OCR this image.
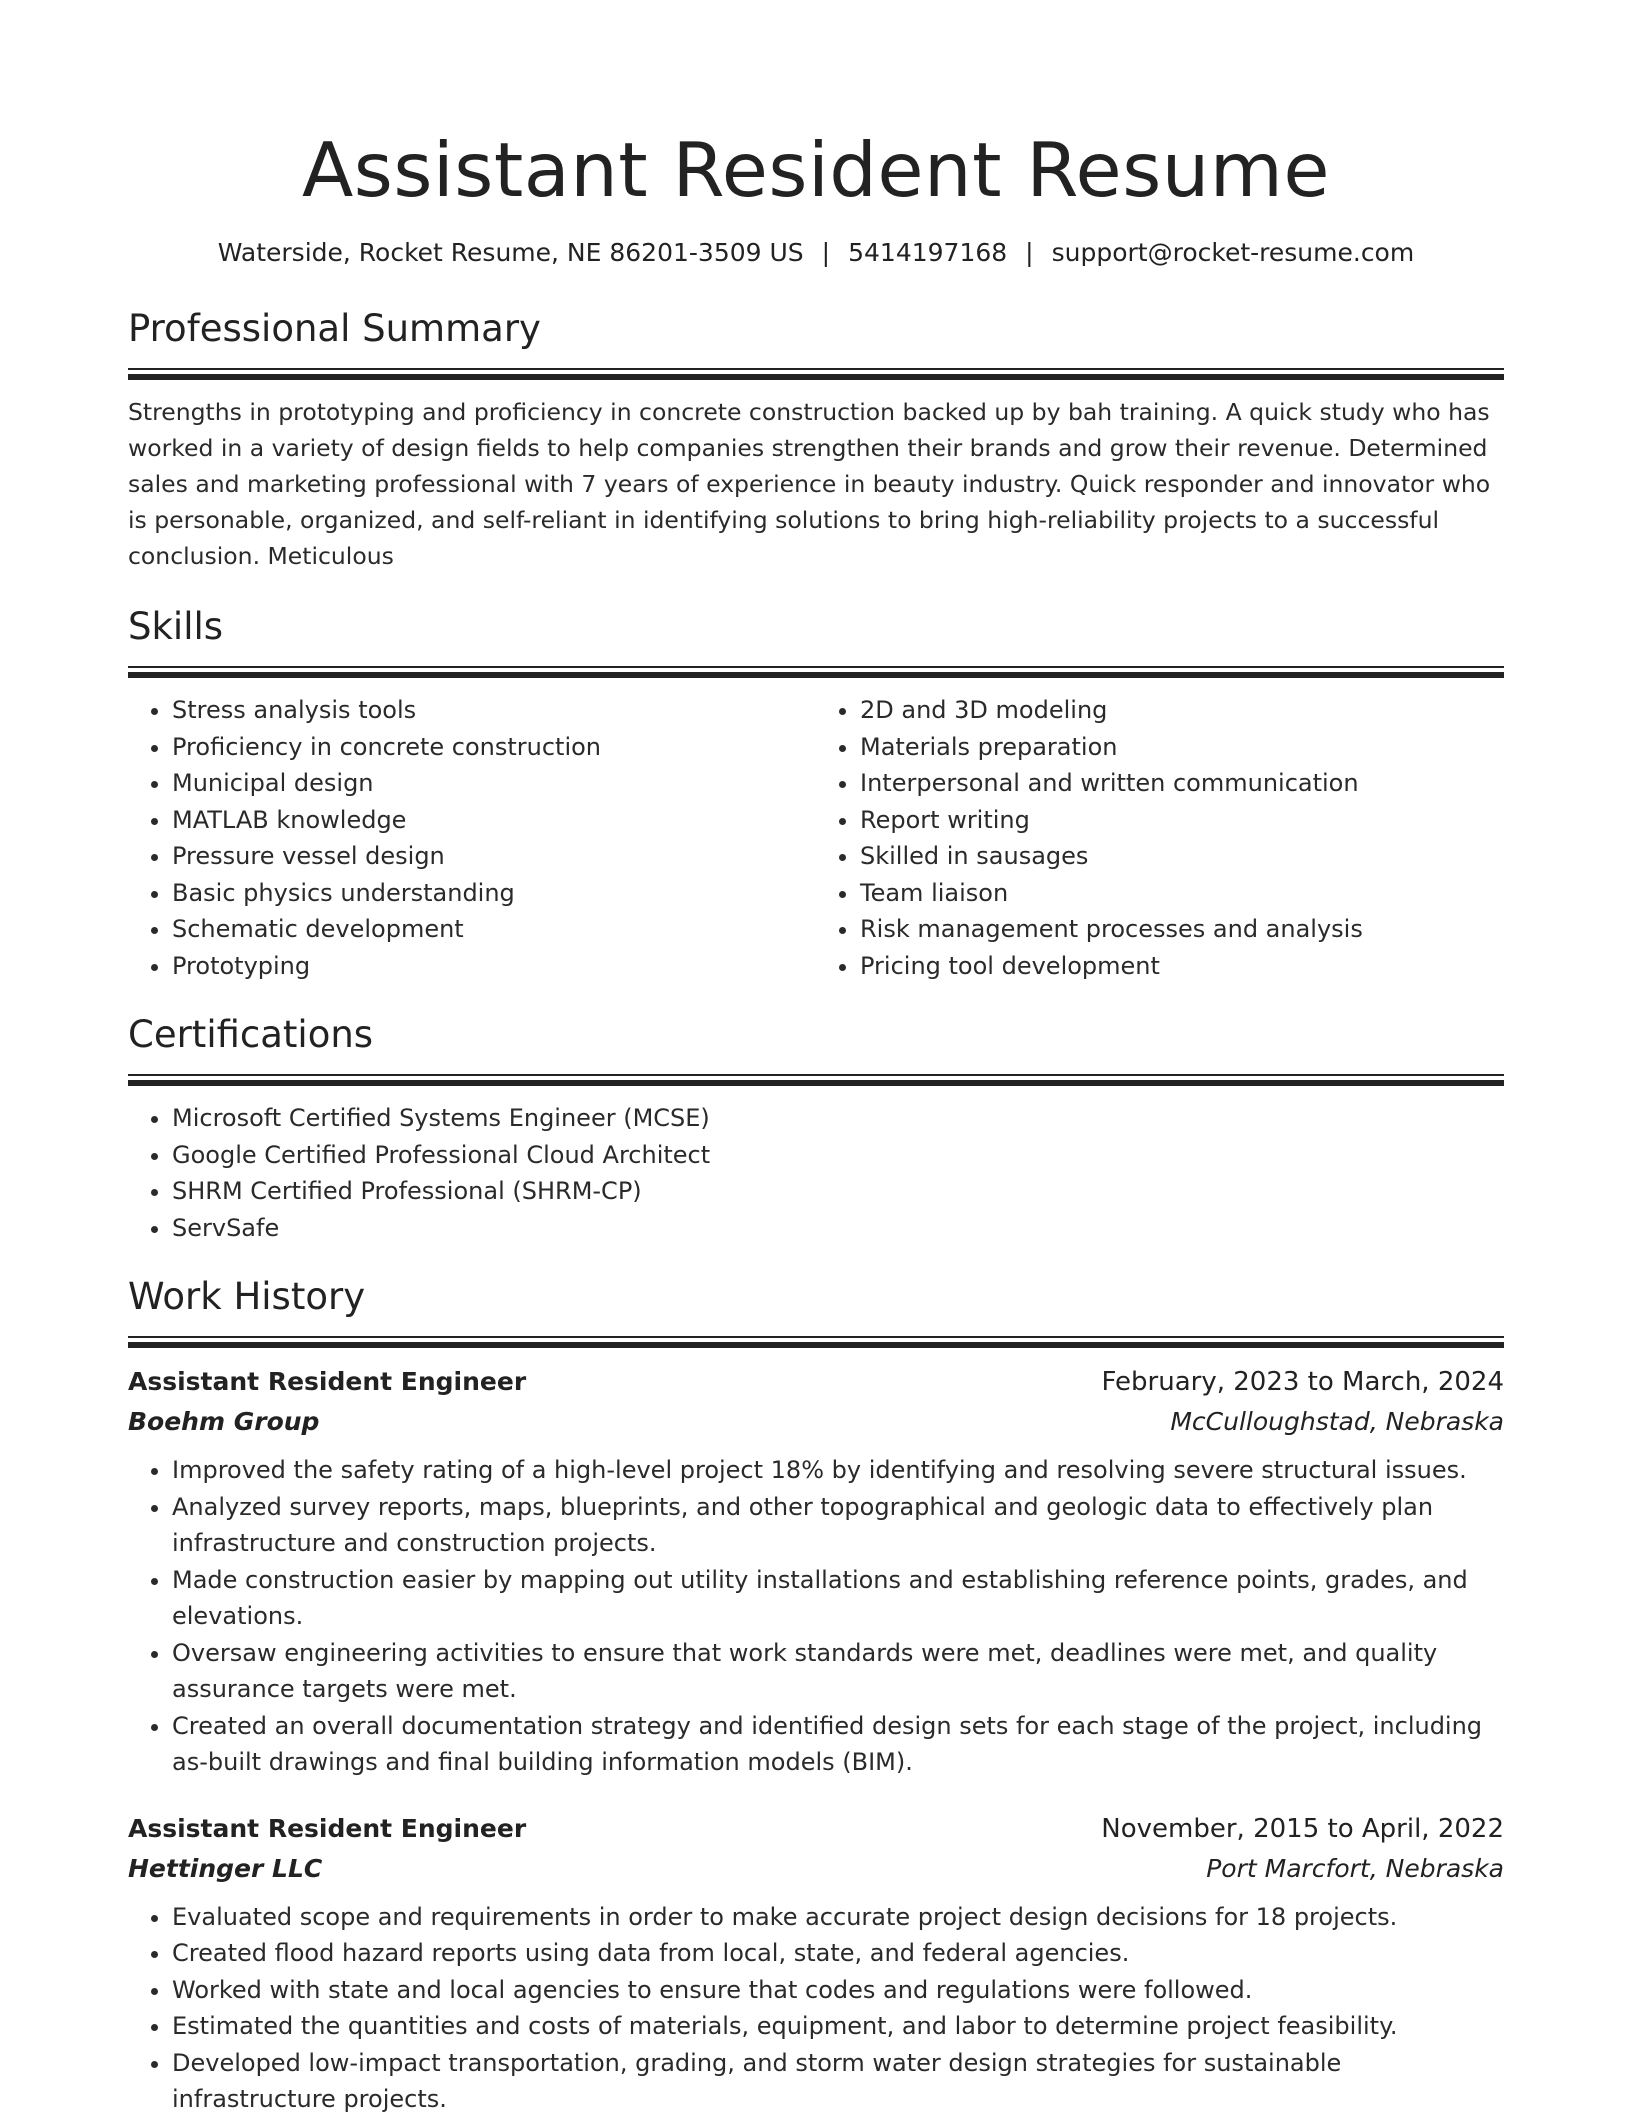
Assistant Resident Resume
Waterside, Rocket Resume, NE 86201-3509 US | 5414197168 | support@rocket-resume.com
Professional Summary

Strengths in prototyping and proficiency in concrete construction backed up by bah training. A quick study who has worked in a variety of design fields to help companies strengthen their brands and grow their revenue. Determined sales and marketing professional with 7 years of experience in beauty industry. Quick responder and innovator who is personable, organized, and self-reliant in identifying solutions to bring high-reliability projects to a successful conclusion. Meticulous

Skills
• Stress analysis tools
• Proficiency in concrete construction
• Municipal design
• MATLAB knowledge
• Pressure vessel design
• Basic physics understanding
• Schematic development
• Prototyping
• 2D and 3D modeling
• Materials preparation
• Interpersonal and written communication
• Report writing
• Skilled in sausages
• Team liaison
• Risk management processes and analysis
• Pricing tool development
Certifications
• Microsoft Certified Systems Engineer (MCSE)
• Google Certified Professional Cloud Architect
• SHRM Certified Professional (SHRM-CP)
• ServSafe
Work History
Assistant Resident Engineer	February, 2023 to March, 2024
Boehm Group	McCulloughstad, Nebraska
• Improved the safety rating of a high-level project 18% by identifying and resolving severe structural issues.
• Analyzed survey reports, maps, blueprints, and other topographical and geologic data to effectively plan infrastructure and construction projects.
• Made construction easier by mapping out utility installations and establishing reference points, grades, and elevations.
• Oversaw engineering activities to ensure that work standards were met, deadlines were met, and quality assurance targets were met.
• Created an overall documentation strategy and identified design sets for each stage of the project, including as-built drawings and final building information models (BIM).
Assistant Resident Engineer	November, 2015 to April, 2022
Hettinger LLC	Port Marcfort, Nebraska
• Evaluated scope and requirements in order to make accurate project design decisions for 18 projects.
• Created flood hazard reports using data from local, state, and federal agencies.
• Worked with state and local agencies to ensure that codes and regulations were followed.
• Estimated the quantities and costs of materials, equipment, and labor to determine project feasibility.
• Developed low-impact transportation, grading, and storm water design strategies for sustainable infrastructure projects.
